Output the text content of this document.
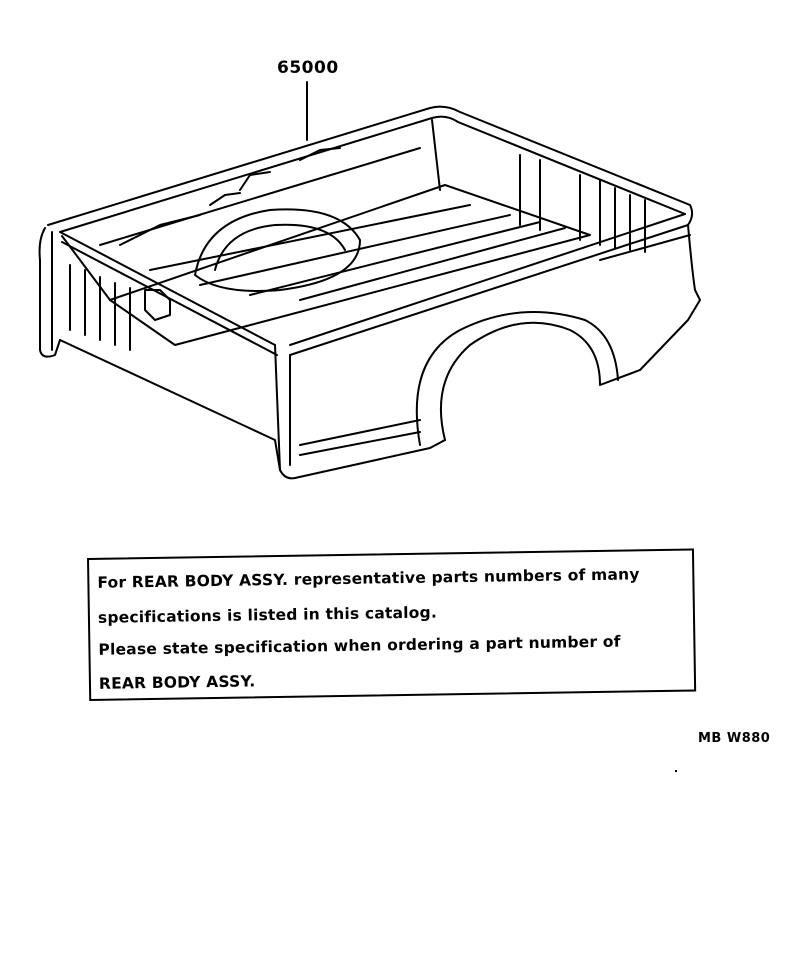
65000
For REAR BODY ASSY. representative parts numbers of many
specifications is listed in this catalog.
Please state specification when ordering a part number of
REAR BODY ASSY.
MB W880
